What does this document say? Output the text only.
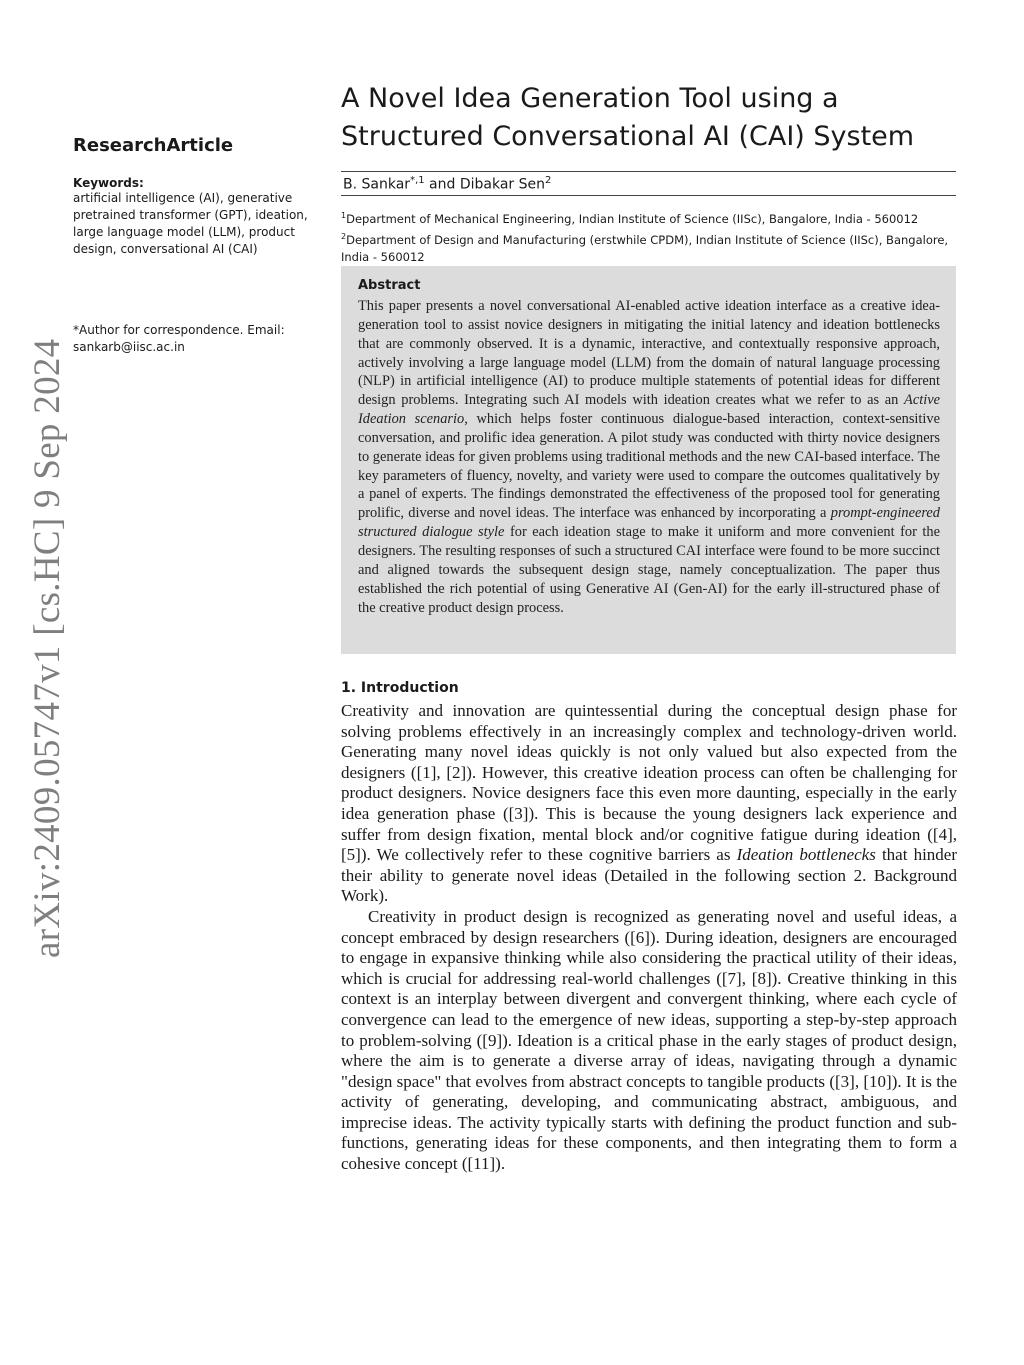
arXiv:2409.05747v1 [cs.HC] 9 Sep 2024
ResearchArticle
Keywords:
artificial intelligence (AI), generative pretrained transformer (GPT), ideation, large language model (LLM), product design, conversational AI (CAI)
*Author for correspondence. Email: sankarb@iisc.ac.in
A Novel Idea Generation Tool using a Structured Conversational AI (CAI) System
B. Sankar$^{*,1}$ and Dibakar Sen$^2$
$^1$Department of Mechanical Engineering, Indian Institute of Science (IISc), Bangalore, India - 560012
$^2$Department of Design and Manufacturing (erstwhile CPDM), Indian Institute of Science (IISc), Bangalore, India - 560012
Abstract
This paper presents a novel conversational AI-enabled active ideation interface as a creative idea-generation tool to assist novice designers in mitigating the initial latency and ideation bottlenecks that are commonly observed. It is a dynamic, interactive, and contextually responsive approach, actively involving a large language model (LLM) from the domain of natural language processing (NLP) in artificial intelligence (AI) to produce multiple statements of potential ideas for different design problems. Integrating such AI models with ideation creates what we refer to as an Active Ideation scenario, which helps foster continuous dialogue-based interaction, context-sensitive conversation, and prolific idea generation. A pilot study was conducted with thirty novice designers to generate ideas for given problems using traditional methods and the new CAI-based interface. The key parameters of fluency, novelty, and variety were used to compare the outcomes qualitatively by a panel of experts. The findings demonstrated the effectiveness of the proposed tool for generating prolific, diverse and novel ideas. The interface was enhanced by incorporating a prompt-engineered structured dialogue style for each ideation stage to make it uniform and more convenient for the designers. The resulting responses of such a structured CAI interface were found to be more succinct and aligned towards the subsequent design stage, namely conceptualization. The paper thus established the rich potential of using Generative AI (Gen-AI) for the early ill-structured phase of the creative product design process.
1. Introduction

Creativity and innovation are quintessential during the conceptual design phase for solving problems effectively in an increasingly complex and technology-driven world. Generating many novel ideas quickly is not only valued but also expected from the designers ([1], [2]). However, this creative ideation process can often be challenging for product designers. Novice designers face this even more daunting, especially in the early idea generation phase ([3]). This is because the young designers lack experience and suffer from design fixation, mental block and/or cognitive fatigue during ideation ([4], [5]). We collectively refer to these cognitive barriers as Ideation bottlenecks that hinder their ability to generate novel ideas (Detailed in the following section 2. Background Work).

Creativity in product design is recognized as generating novel and useful ideas, a concept embraced by design researchers ([6]). During ideation, designers are encouraged to engage in expansive thinking while also considering the practical utility of their ideas, which is crucial for addressing real-world challenges ([7], [8]). Creative thinking in this context is an interplay between divergent and convergent thinking, where each cycle of convergence can lead to the emergence of new ideas, supporting a step-by-step approach to problem-solving ([9]). Ideation is a critical phase in the early stages of product design, where the aim is to generate a diverse array of ideas, navigating through a dynamic "design space" that evolves from abstract concepts to tangible products ([3], [10]). It is the activity of generating, developing, and communicating abstract, ambiguous, and imprecise ideas. The activity typically starts with defining the product function and sub-functions, generating ideas for these components, and then integrating them to form a cohesive concept ([11]).
